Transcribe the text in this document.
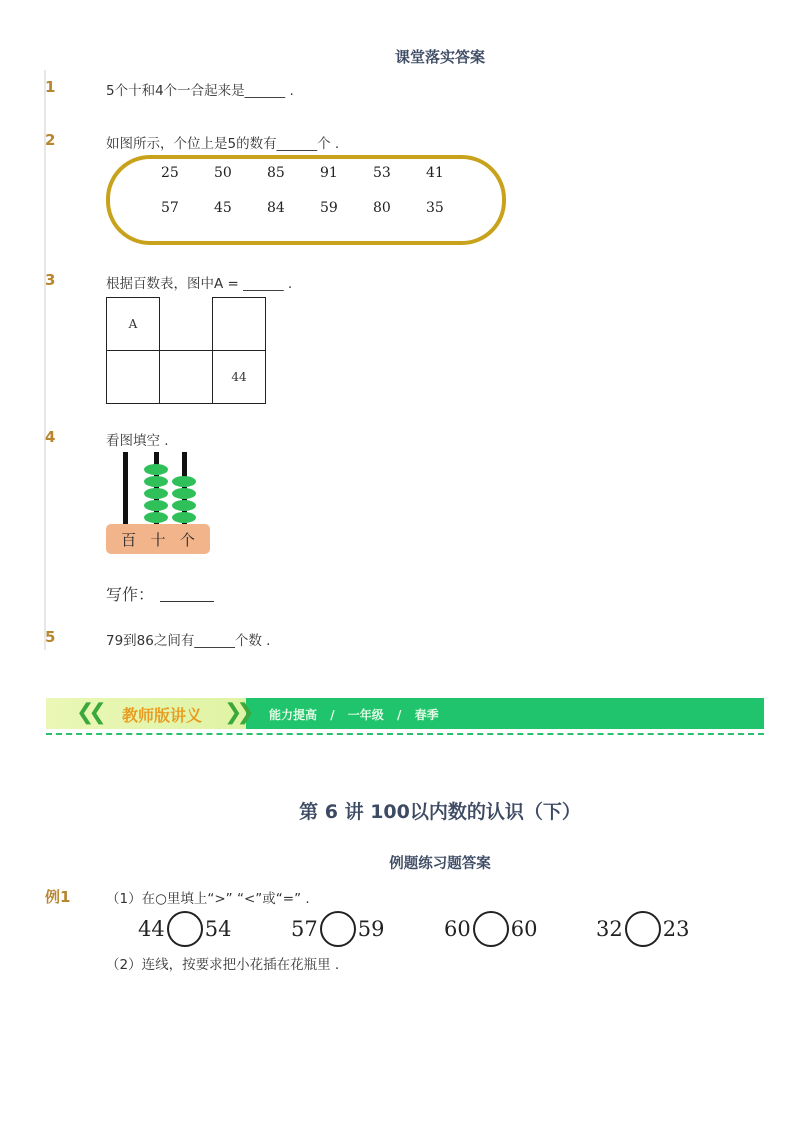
课堂落实答案
1	5个十和4个一合起来是______ .
2	如图所示，个位上是5的数有______个 .
25	50	85	91	53	41
57	45	84	59	80	35
3	根据百数表，图中A = ______ .
A		
		44
4	看图填空 .
百 十 个
写作：
5	79到86之间有______个数 .
❮❮ 教师版讲义 ❯❯ 能力提高 / 一年级 / 春季
第 6 讲 100以内数的认识（下）
例题练习题答案
例1	（1）在○里填上“>” “<”或“=” .
44 54	57 59	60 60	32 23
（2）连线，按要求把小花插在花瓶里 .
